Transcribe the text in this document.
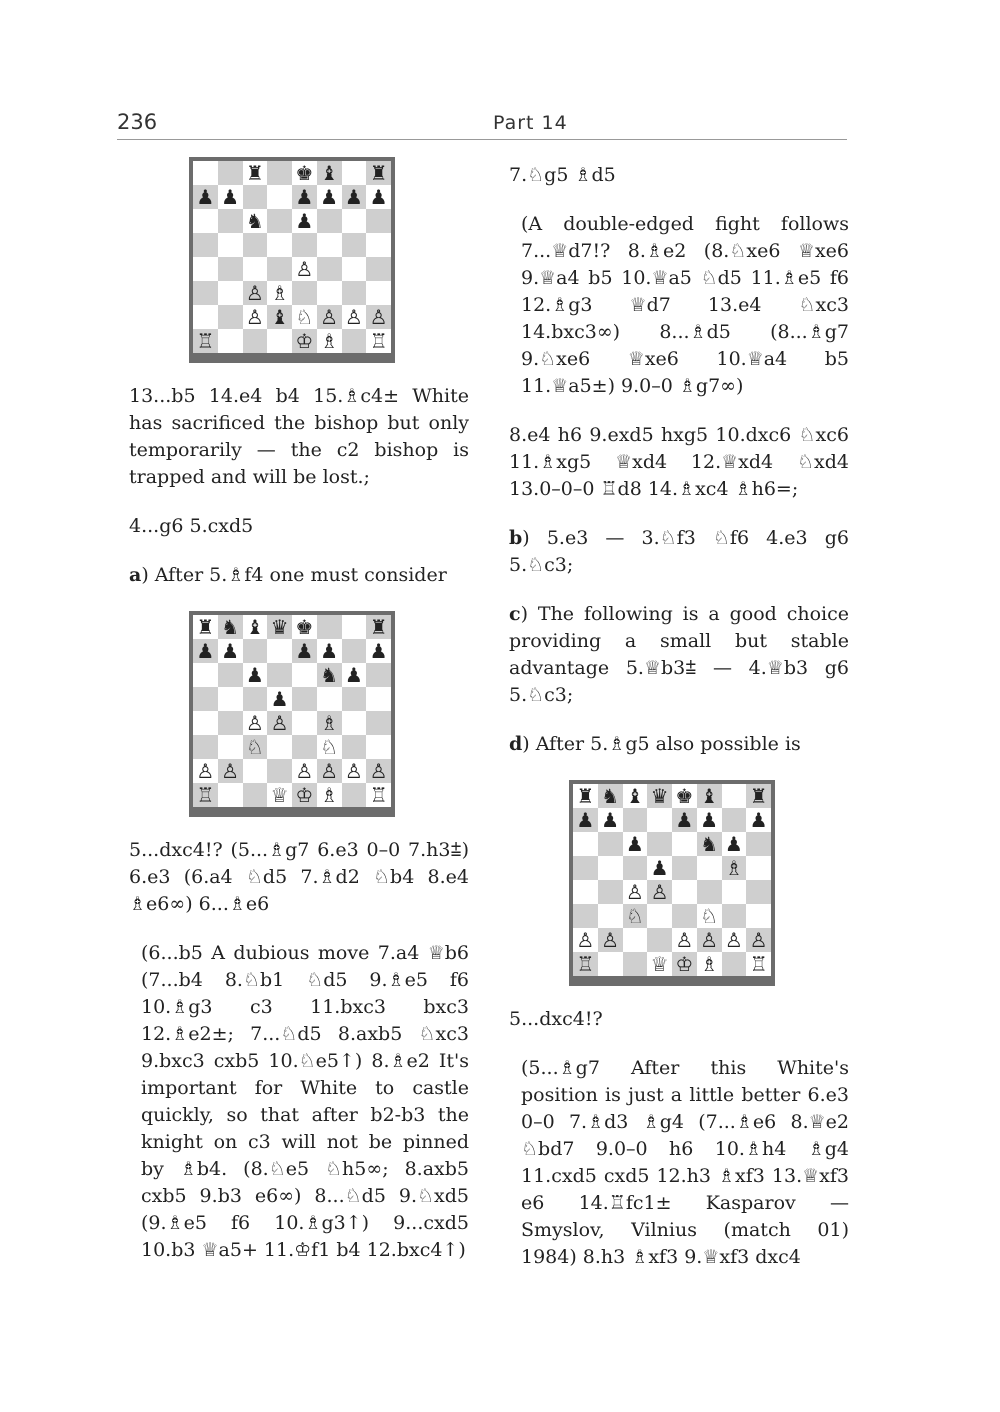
236	Part 14
♜ ♚ ♝ ♜
♟ ♟	♟ ♟ ♟ ♟
♞ ♟
♙
♙ ♗
♙ ♝ ♘ ♙ ♙ ♙
♖	♔ ♗ ♖

13...b5 14.e4 b4 15.♗c4± White has sacrificed the bishop but only temporarily — the c2 bishop is trapped and will be lost.;

4...g6 5.cxd5

a) After 5.♗f4 one must consider

♜ ♞ ♝ ♛ ♚	♜
♟ ♟	♟ ♟ ♟
♟	♞ ♟
♟
♙ ♙ ♗
♘	♘
♙ ♙	♙ ♙ ♙ ♙
♖	♕ ♔ ♗ ♖

5...dxc4!? (5...♗g7 6.e3 0–0 7.h3⩲) 6.e3 (6.a4 ♘d5 7.♗d2 ♘b4 8.e4 ♗e6∞) 6...♗e6

(6...b5 A dubious move 7.a4 ♕b6 (7...b4 8.♘b1 ♘d5 9.♗e5 f6 10.♗g3 c3 11.bxc3 bxc3 12.♗e2±; 7...♘d5 8.axb5 ♘xc3 9.bxc3 cxb5 10.♘e5↑) 8.♗e2 It's important for White to castle quickly, so that after b2-b3 the knight on c3 will not be pinned by ♗b4. (8.♘e5 ♘h5∞; 8.axb5 cxb5 9.b3 e6∞) 8...♘d5 9.♘xd5 (9.♗e5 f6 10.♗g3↑) 9...cxd5 10.b3 ♕a5+ 11.♔f1 b4 12.bxc4↑)

7.♘g5 ♗d5

(A double-edged fight follows 7...♕d7!? 8.♗e2 (8.♘xe6 ♕xe6 9.♕a4 b5 10.♕a5 ♘d5 11.♗e5 f6 12.♗g3 ♕d7 13.e4 ♘xc3 14.bxc3∞) 8...♗d5 (8...♗g7 9.♘xe6 ♕xe6 10.♕a4 b5 11.♕a5±) 9.0–0 ♗g7∞)

8.e4 h6 9.exd5 hxg5 10.dxc6 ♘xc6 11.♗xg5 ♕xd4 12.♕xd4 ♘xd4 13.0–0–0 ♖d8 14.♗xc4 ♗h6=;

b) 5.e3 — 3.♘f3 ♘f6 4.e3 g6 5.♘c3;

c) The following is a good choice providing a small but stable advantage 5.♕b3⩲ — 4.♕b3 g6 5.♘c3;

d) After 5.♗g5 also possible is

♜ ♞ ♝ ♛ ♚ ♝ ♜
♟ ♟	♟ ♟ ♟
♟	♞ ♟
♟	♗
♙ ♙
♘	♘
♙ ♙	♙ ♙ ♙ ♙
♖	♕ ♔ ♗ ♖

5...dxc4!?

(5...♗g7 After this White's position is just a little better 6.e3 0–0 7.♗d3 ♗g4 (7...♗e6 8.♕e2 ♘bd7 9.0–0 h6 10.♗h4 ♗g4 11.cxd5 cxd5 12.h3 ♗xf3 13.♕xf3 e6 14.♖fc1± Kasparov — Smyslov, Vilnius (match 01) 1984) 8.h3 ♗xf3 9.♕xf3 dxc4
